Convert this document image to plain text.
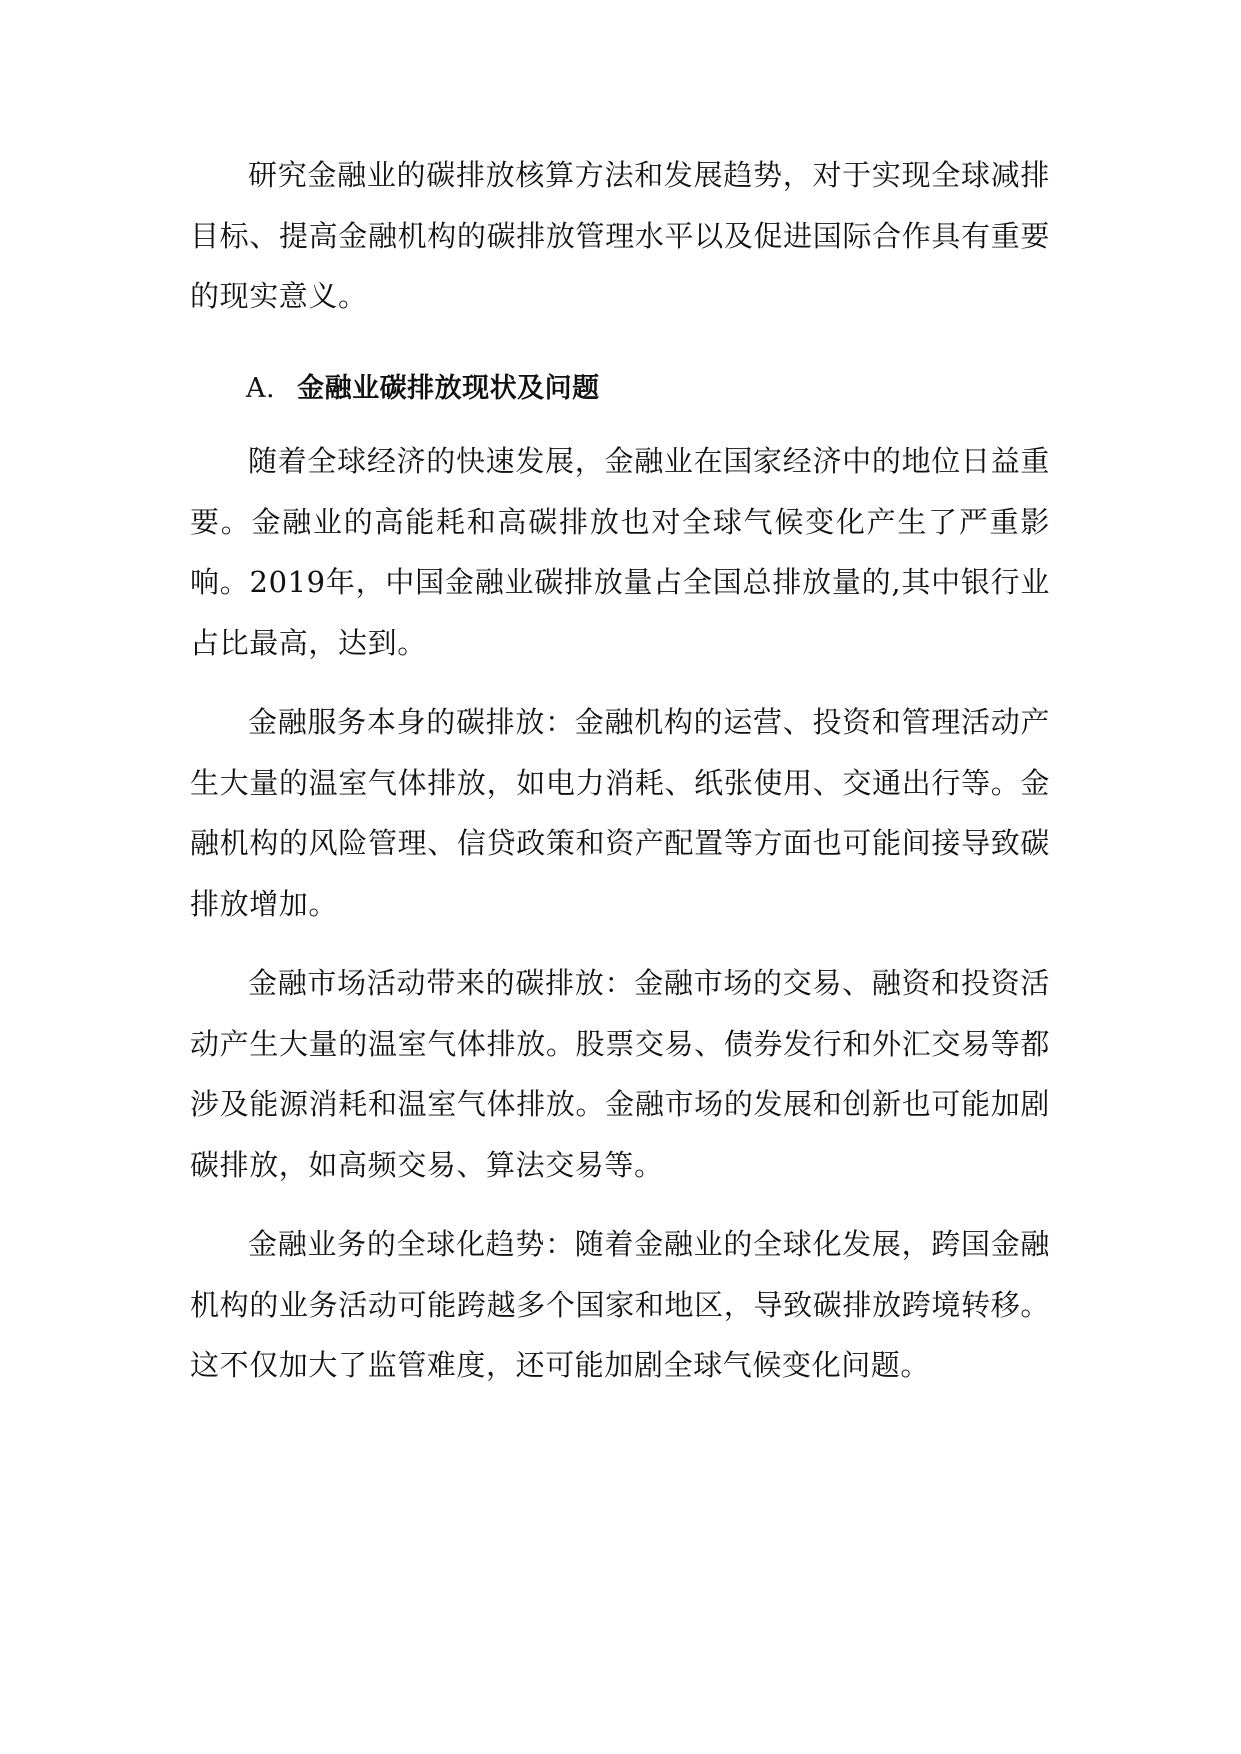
研究金融业的碳排放核算方法和发展趋势，对于实现全球减排目标、提高金融机构的碳排放管理水平以及促进国际合作具有重要的现实意义。

A. 金融业碳排放现状及问题

随着全球经济的快速发展，金融业在国家经济中的地位日益重要。金融业的高能耗和高碳排放也对全球气候变化产生了严重影响。2019年，中国金融业碳排放量占全国总排放量的,其中银行业占比最高，达到。

金融服务本身的碳排放：金融机构的运营、投资和管理活动产生大量的温室气体排放，如电力消耗、纸张使用、交通出行等。金融机构的风险管理、信贷政策和资产配置等方面也可能间接导致碳排放增加。

金融市场活动带来的碳排放：金融市场的交易、融资和投资活动产生大量的温室气体排放。股票交易、债券发行和外汇交易等都涉及能源消耗和温室气体排放。金融市场的发展和创新也可能加剧碳排放，如高频交易、算法交易等。

金融业务的全球化趋势：随着金融业的全球化发展，跨国金融机构的业务活动可能跨越多个国家和地区，导致碳排放跨境转移。这不仅加大了监管难度，还可能加剧全球气候变化问题。
